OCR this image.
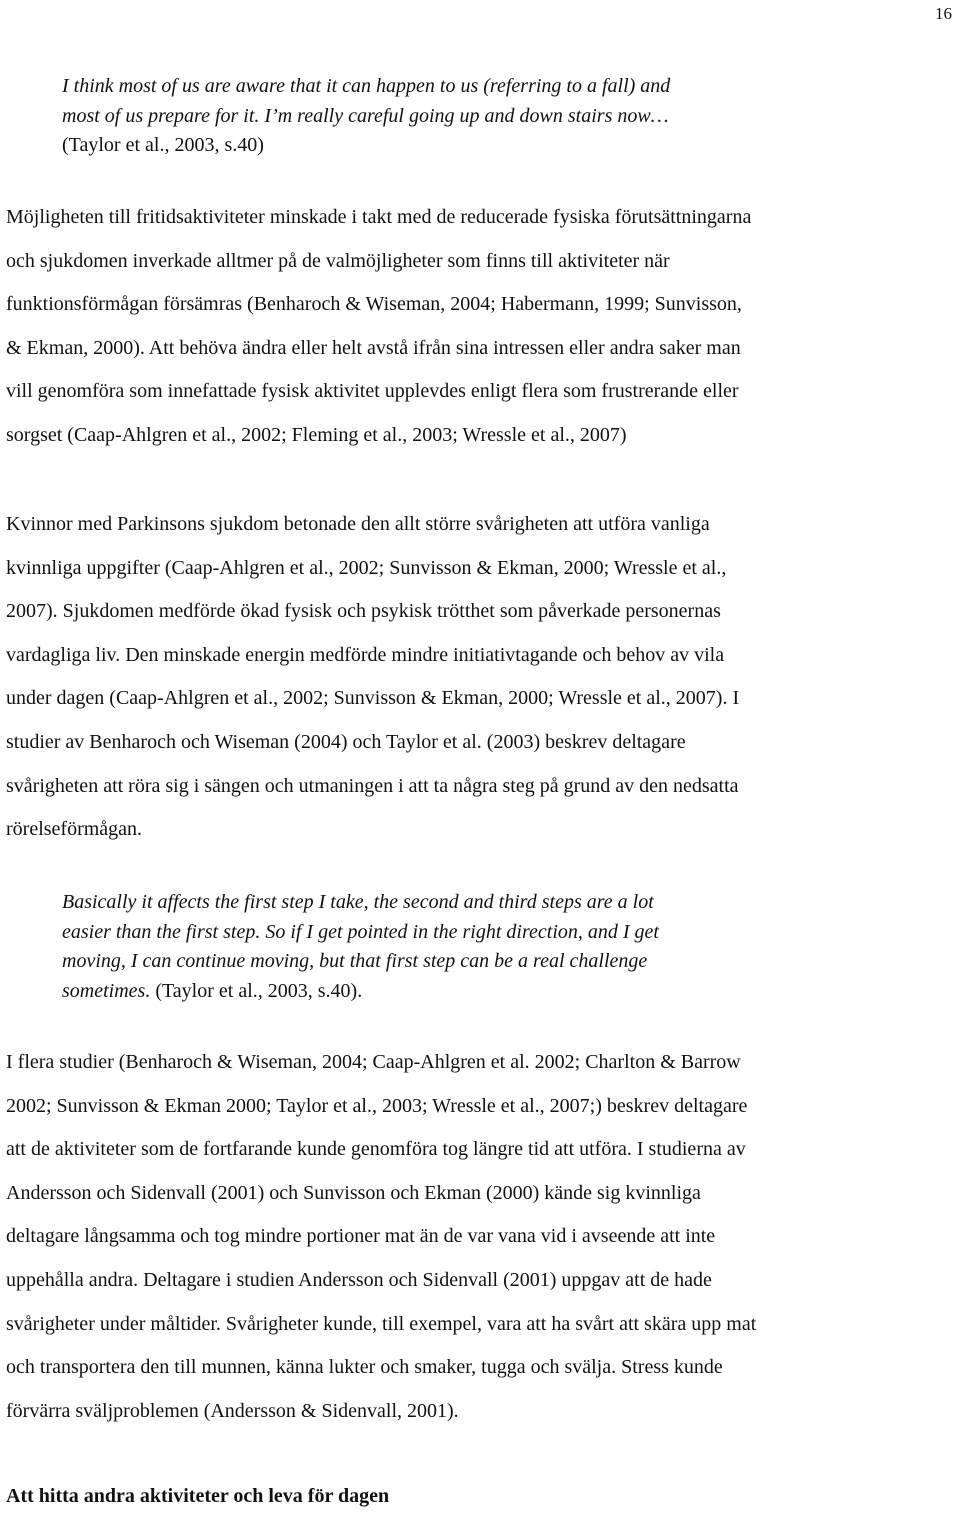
16
I think most of us are aware that it can happen to us (referring to a fall) and
most of us prepare for it. I’m really careful going up and down stairs now…
(Taylor et al., 2003, s.40)
Möjligheten till fritidsaktiviteter minskade i takt med de reducerade fysiska förutsättningarna
och sjukdomen inverkade alltmer på de valmöjligheter som finns till aktiviteter när
funktionsförmågan försämras (Benharoch & Wiseman, 2004; Habermann, 1999; Sunvisson,
& Ekman, 2000). Att behöva ändra eller helt avstå ifrån sina intressen eller andra saker man
vill genomföra som innefattade fysisk aktivitet upplevdes enligt flera som frustrerande eller
sorgset (Caap-Ahlgren et al., 2002; Fleming et al., 2003; Wressle et al., 2007)
Kvinnor med Parkinsons sjukdom betonade den allt större svårigheten att utföra vanliga
kvinnliga uppgifter (Caap-Ahlgren et al., 2002; Sunvisson & Ekman, 2000; Wressle et al.,
2007). Sjukdomen medförde ökad fysisk och psykisk trötthet som påverkade personernas
vardagliga liv. Den minskade energin medförde mindre initiativtagande och behov av vila
under dagen (Caap-Ahlgren et al., 2002; Sunvisson & Ekman, 2000; Wressle et al., 2007). I
studier av Benharoch och Wiseman (2004) och Taylor et al. (2003) beskrev deltagare
svårigheten att röra sig i sängen och utmaningen i att ta några steg på grund av den nedsatta
rörelseförmågan.
Basically it affects the first step I take, the second and third steps are a lot
easier than the first step. So if I get pointed in the right direction, and I get
moving, I can continue moving, but that first step can be a real challenge
sometimes. (Taylor et al., 2003, s.40).
I flera studier (Benharoch & Wiseman, 2004; Caap-Ahlgren et al. 2002; Charlton & Barrow
2002; Sunvisson & Ekman 2000; Taylor et al., 2003; Wressle et al., 2007;) beskrev deltagare
att de aktiviteter som de fortfarande kunde genomföra tog längre tid att utföra. I studierna av
Andersson och Sidenvall (2001) och Sunvisson och Ekman (2000) kände sig kvinnliga
deltagare långsamma och tog mindre portioner mat än de var vana vid i avseende att inte
uppehålla andra. Deltagare i studien Andersson och Sidenvall (2001) uppgav att de hade
svårigheter under måltider. Svårigheter kunde, till exempel, vara att ha svårt att skära upp mat
och transportera den till munnen, känna lukter och smaker, tugga och svälja. Stress kunde
förvärra sväljproblemen (Andersson & Sidenvall, 2001).
Att hitta andra aktiviteter och leva för dagen
